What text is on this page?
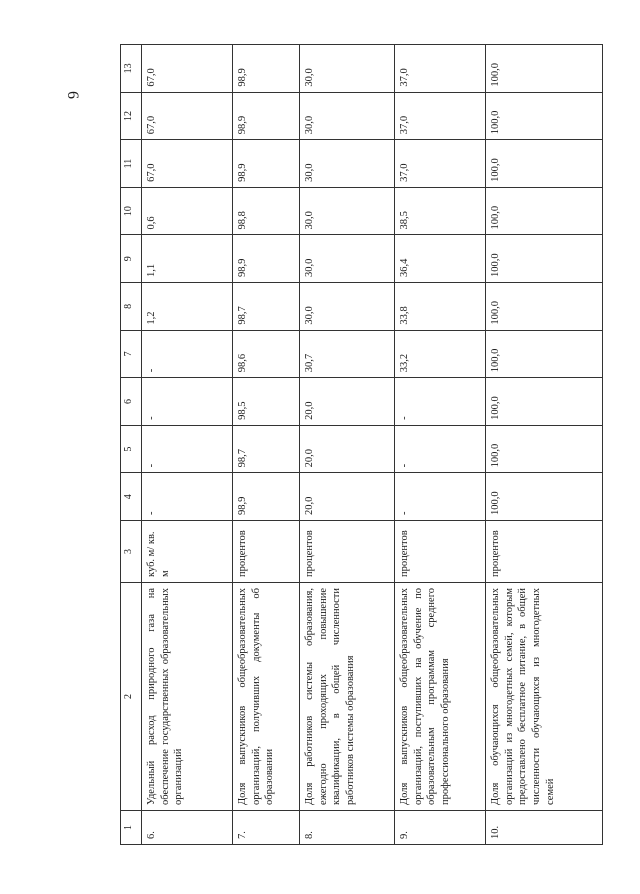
6
1	2	3	4	5	6	7	8	9	10	11	12	13
6.	Удельный расход природного газа на обеспечение государственных образовательных организаций	куб. м/ кв. м	-	-	-	-	1,2	1,1	0,6	67,0	67,0	67,0
7.	Доля выпускников общеобразовательных организаций, получивших документы об образовании	процентов	98,9	98,7	98,5	98,6	98,7	98,9	98,8	98,9	98,9	98,9
8.	Доля работников системы образования, ежегодно проходящих повышение квалификации, в общей численности работников системы образования	процентов	20,0	20,0	20,0	30,7	30,0	30,0	30,0	30,0	30,0	30,0
9.	Доля выпускников общеобразовательных организаций, поступивших на обучение по образовательным программам среднего профессионального образования	процентов	-	-	-	33,2	33,8	36,4	38,5	37,0	37,0	37,0
10.	Доля обучающихся общеобразовательных организаций из многодетных семей, которым предоставлено бесплатное питание, в общей численности обучающихся из многодетных семей	процентов	100,0	100,0	100,0	100,0	100,0	100,0	100,0	100,0	100,0	100,0
